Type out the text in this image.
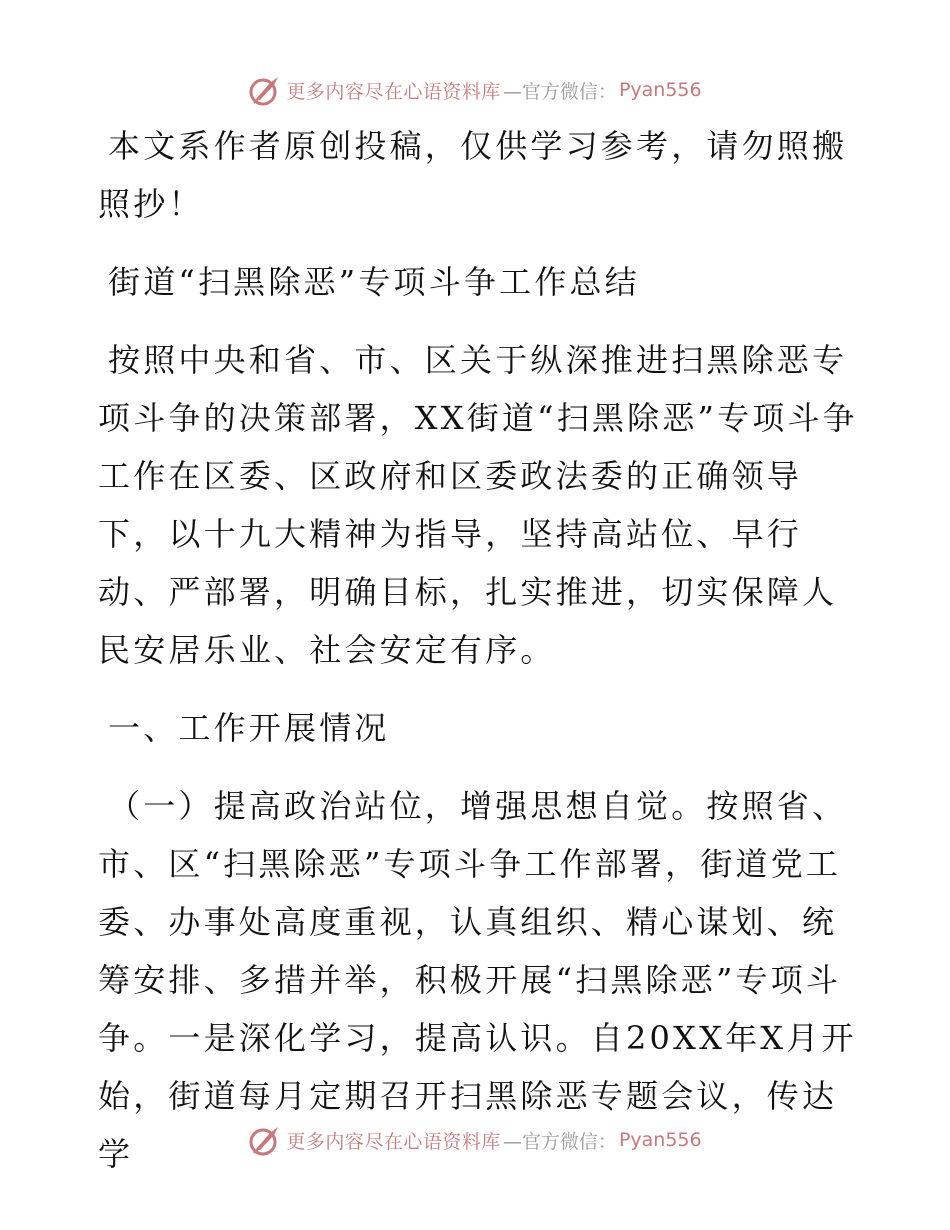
更多内容尽在心语资料库 —官方微信： Pyan556

本文系作者原创投稿，仅供学习参考，请勿照搬照抄！

街道“扫黑除恶”专项斗争工作总结

按照中央和省、市、区关于纵深推进扫黑除恶专项斗争的决策部署，XX街道“扫黑除恶”专项斗争工作在区委、区政府和区委政法委的正确领导下，以十九大精神为指导，坚持高站位、早行动、严部署，明确目标，扎实推进，切实保障人民安居乐业、社会安定有序。

一、工作开展情况

（一）提高政治站位，增强思想自觉。按照省、市、区“扫黑除恶”专项斗争工作部署，街道党工委、办事处高度重视，认真组织、精心谋划、统筹安排、多措并举，积极开展“扫黑除恶”专项斗争。一是深化学习，提高认识。自20XX年X月开始，街道每月定期召开扫黑除恶专题会议，传达学	更多内容尽在心语资料库 —官方微信： Pyan556
